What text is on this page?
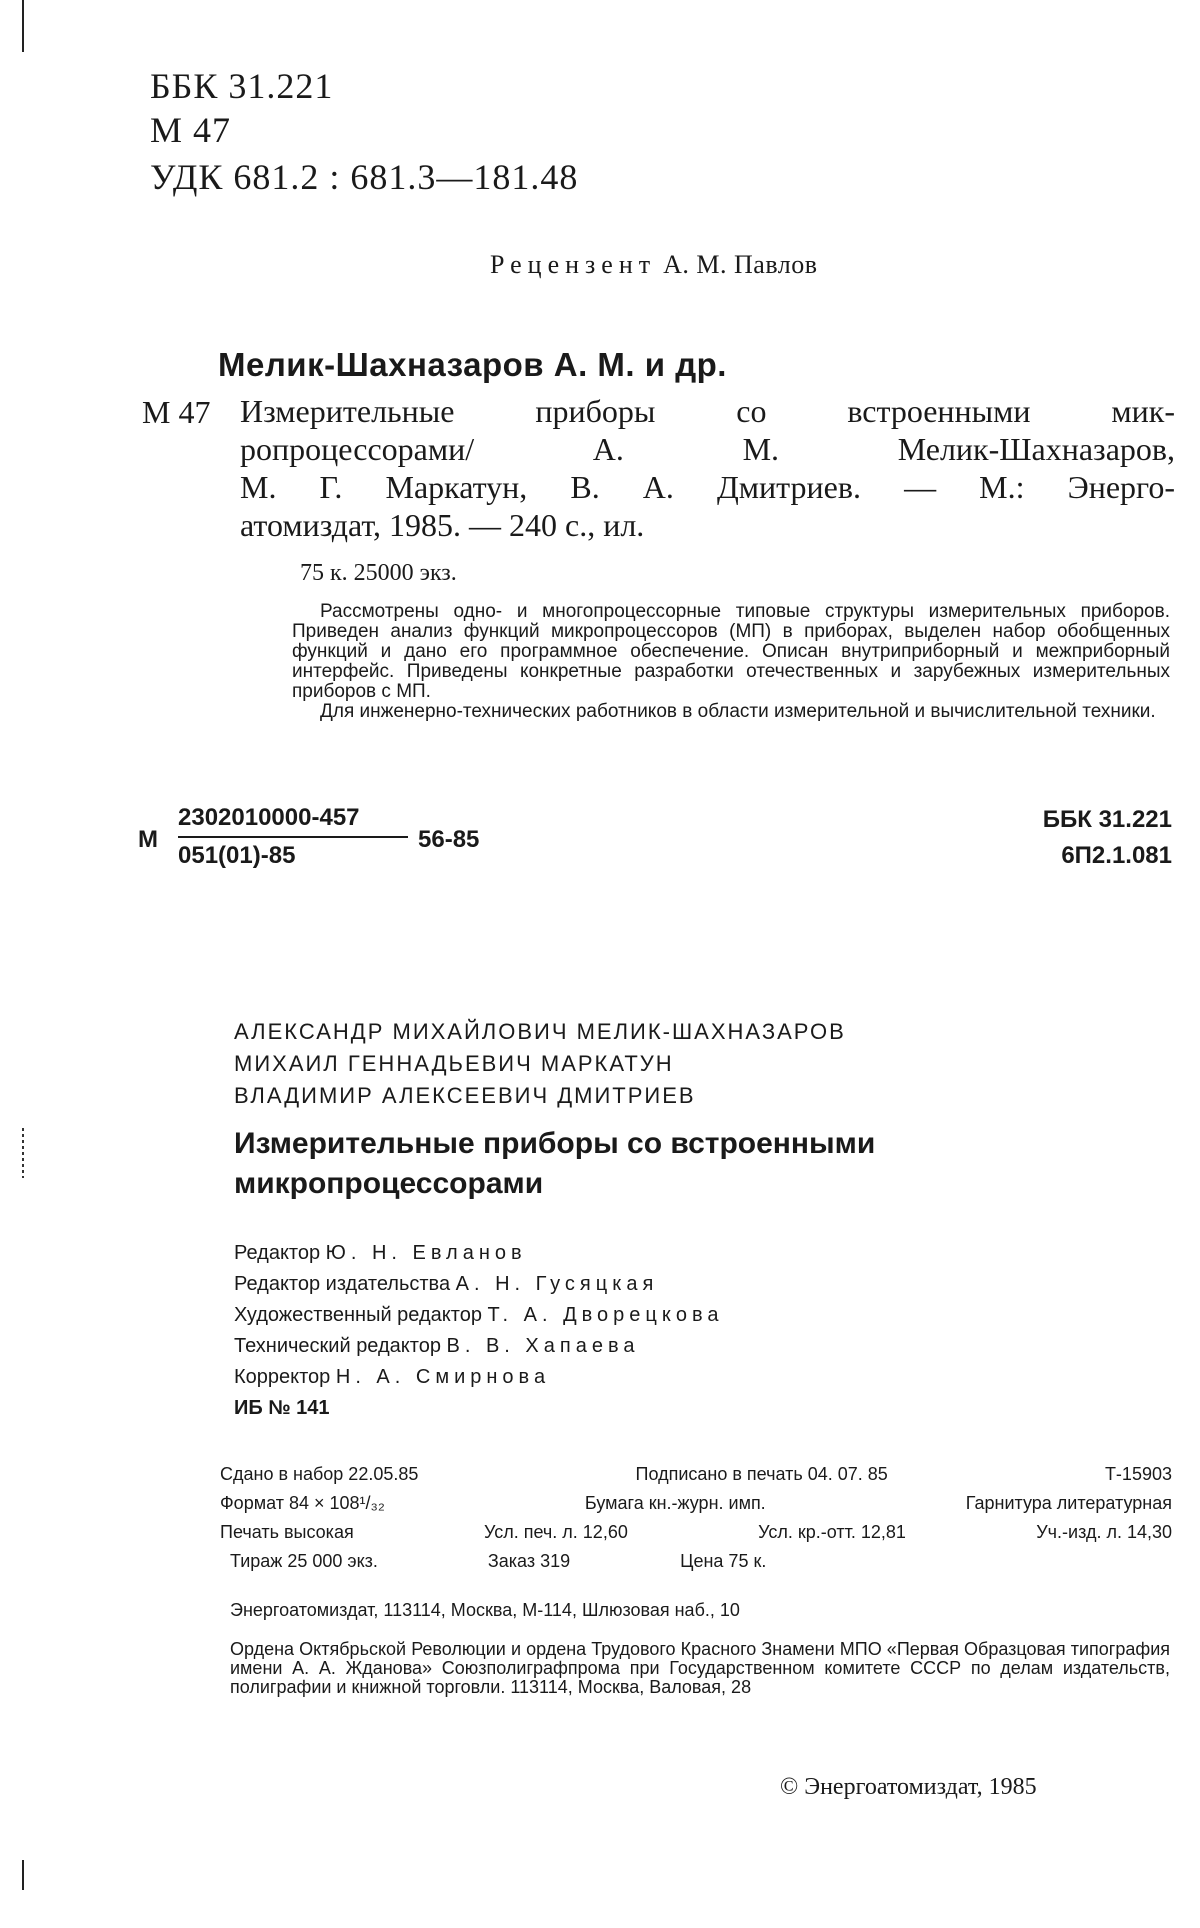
ББК 31.221
М 47
УДК 681.2 : 681.3—181.48
Рецензент А. М. Павлов
Мелик-Шахназаров А. М. и др.
М 47 Измерительные приборы со встроенными мик-
ропроцессорами/ А. М. Мелик-Шахназаров,
М. Г. Маркатун, В. А. Дмитриев. — М.: Энерго-
атомиздат, 1985. — 240 с., ил.
75 к. 25000 экз.

Рассмотрены одно- и многопроцессорные типовые структуры измерительных приборов. Приведен анализ функций микропроцессоров (МП) в приборах, выделен набор обобщенных функций и дано его программное обеспечение. Описан внутриприборный и межприборный интерфейс. Приведены конкретные разработки отечественных и зарубежных измерительных приборов с МП.

Для инженерно-технических работников в области измерительной и вычислительной техники.

М
2302010000-457
051(01)-85
56-85
ББК 31.221
6П2.1.081
АЛЕКСАНДР МИХАЙЛОВИЧ МЕЛИК-ШАХНАЗАРОВ
МИХАИЛ ГЕННАДЬЕВИЧ МАРКАТУН
ВЛАДИМИР АЛЕКСЕЕВИЧ ДМИТРИЕВ
Измерительные приборы со встроенными
микропроцессорами
Редактор Ю. Н. Евланов
Редактор издательства А. Н. Гусяцкая
Художественный редактор Т. А. Дворецкова
Технический редактор В. В. Хапаева
Корректор Н. А. Смирнова
ИБ № 141
Сдано в набор 22.05.85	Подписано в печать 04. 07. 85	Т-15903
Формат 84 × 108¹/₃₂	Бумага кн.-журн. имп.	Гарнитура литературная
Печать высокая	Усл. печ. л. 12,60	Усл. кр.-отт. 12,81	Уч.-изд. л. 14,30
Тираж 25 000 экз.	Заказ 319	Цена 75 к.
Энергоатомиздат, 113114, Москва, М-114, Шлюзовая наб., 10
Ордена Октябрьской Революции и ордена Трудового Красного Знамени МПО «Первая Образцовая типография имени А. А. Жданова» Союзполиграфпрома при Государственном комитете СССР по делам издательств, полиграфии и книжной торговли. 113114, Москва, Валовая, 28
© Энергоатомиздат, 1985
